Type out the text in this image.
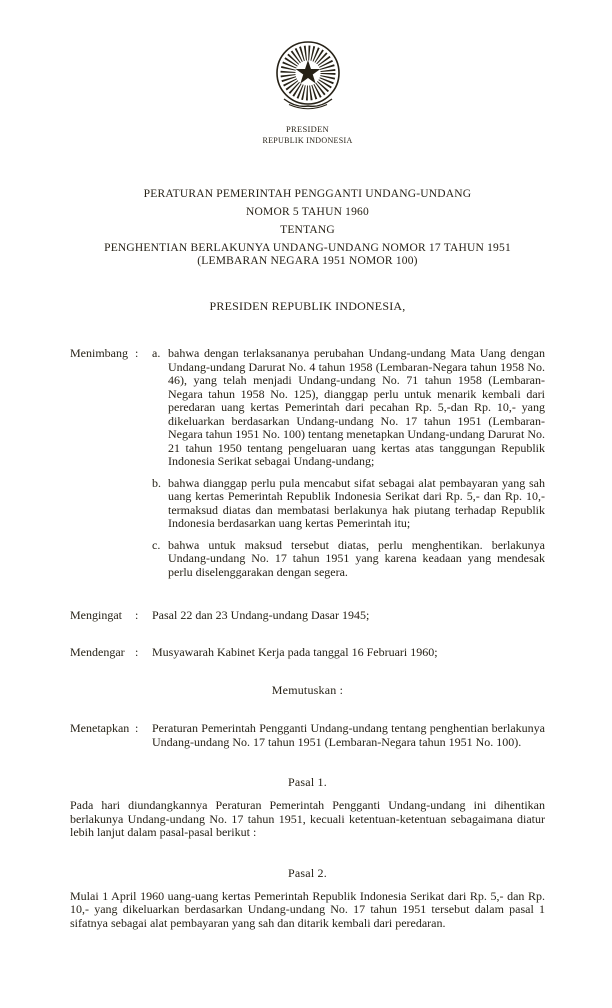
PRESIDEN
REPUBLIK INDONESIA
PERATURAN PEMERINTAH PENGGANTI UNDANG-UNDANG
NOMOR 5 TAHUN 1960
TENTANG
PENGHENTIAN BERLAKUNYA UNDANG-UNDANG NOMOR 17 TAHUN 1951
(LEMBARAN NEGARA 1951 NOMOR 100)
PRESIDEN REPUBLIK INDONESIA,
Menimbang :	a. bahwa dengan terlaksananya perubahan Undang-undang Mata Uang dengan Undang-undang Darurat No. 4 tahun 1958 (Lembaran-Negara tahun 1958 No. 46), yang telah menjadi Undang-undang No. 71 tahun 1958 (Lembaran-Negara tahun 1958 No. 125), dianggap perlu untuk menarik kembali dari peredaran uang kertas Pemerintah dari pecahan Rp. 5,-dan Rp. 10,- yang dikeluarkan berdasarkan Undang-undang No. 17 tahun 1951 (Lembaran-Negara tahun 1951 No. 100) tentang menetapkan Undang-undang Darurat No. 21 tahun 1950 tentang pengeluaran uang kertas atas tanggungan Republik Indonesia Serikat sebagai Undang-undang;
b. bahwa dianggap perlu pula mencabut sifat sebagai alat pembayaran yang sah uang kertas Pemerintah Republik Indonesia Serikat dari Rp. 5,- dan Rp. 10,- termaksud diatas dan membatasi berlakunya hak piutang terhadap Republik Indonesia berdasarkan uang kertas Pemerintah itu;
c. bahwa untuk maksud tersebut diatas, perlu menghentikan. berlakunya Undang-undang No. 17 tahun 1951 yang karena keadaan yang mendesak perlu diselenggarakan dengan segera.
Mengingat	:	Pasal 22 dan 23 Undang-undang Dasar 1945;
Mendengar :	Musyawarah Kabinet Kerja pada tanggal 16 Februari 1960;
Memutuskan :
Menetapkan :	Peraturan Pemerintah Pengganti Undang-undang tentang penghentian berlakunya Undang-undang No. 17 tahun 1951 (Lembaran-Negara tahun 1951 No. 100).
Pasal 1.
Pada hari diundangkannya Peraturan Pemerintah Pengganti Undang-undang ini dihentikan berlakunya Undang-undang No. 17 tahun 1951, kecuali ketentuan-ketentuan sebagaimana diatur lebih lanjut dalam pasal-pasal berikut :
Pasal 2.
Mulai 1 April 1960 uang-uang kertas Pemerintah Republik Indonesia Serikat dari Rp. 5,- dan Rp. 10,- yang dikeluarkan berdasarkan Undang-undang No. 17 tahun 1951 tersebut dalam pasal 1 sifatnya sebagai alat pembayaran yang sah dan ditarik kembali dari peredaran.
